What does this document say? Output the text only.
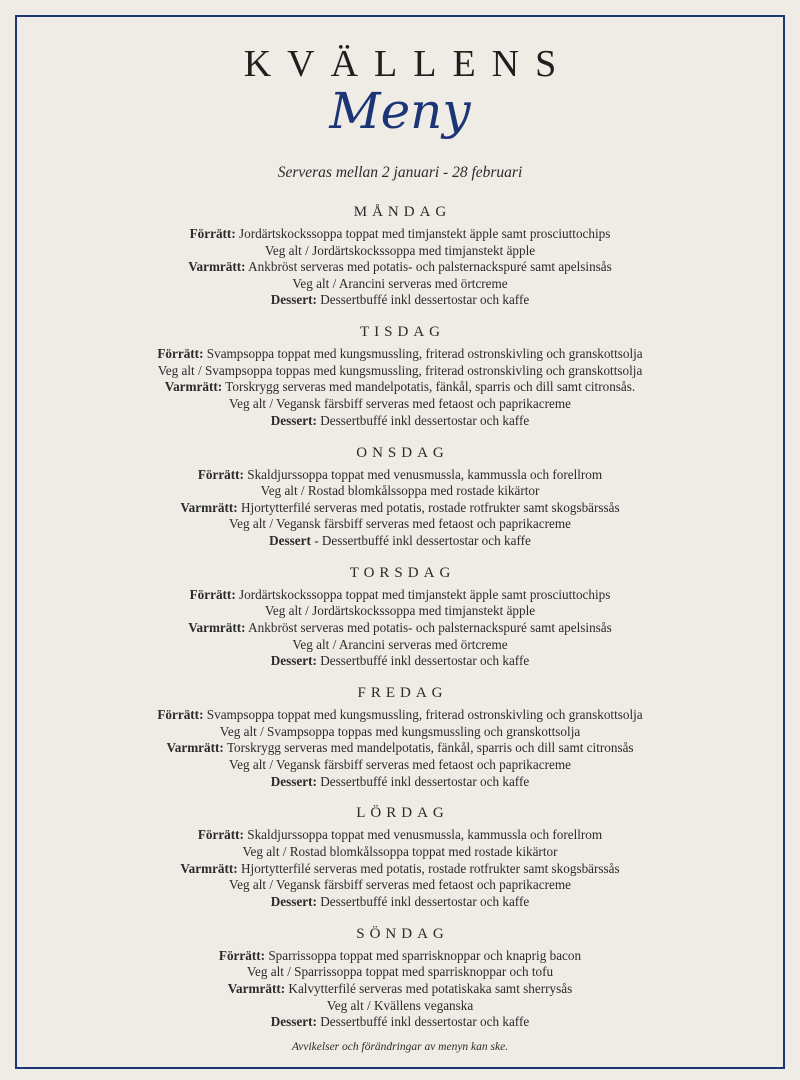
KVÄLLENS
Meny
Serveras mellan 2 januari - 28 februari
MÅNDAG
Förrätt: Jordärtskockssoppa toppat med timjanstekt äpple samt prosciuttochips
Veg alt / Jordärtskockssoppa med timjanstekt äpple
Varmrätt: Ankbröst serveras med potatis- och palsternackspuré samt apelsinsås
Veg alt / Arancini serveras med örtcreme
Dessert: Dessertbuffé inkl dessertostar och kaffe
TISDAG
Förrätt: Svampsoppa toppat med kungsmussling, friterad ostronskivling och granskottsolja
Veg alt / Svampsoppa toppas med kungsmussling, friterad ostronskivling och granskottsolja
Varmrätt: Torskrygg serveras med mandelpotatis, fänkål, sparris och dill samt citronsås.
Veg alt / Vegansk färsbiff serveras med fetaost och paprikacreme
Dessert: Dessertbuffé inkl dessertostar och kaffe
ONSDAG
Förrätt: Skaldjurssoppa toppat med venusmussla, kammussla och forellrom
Veg alt / Rostad blomkålssoppa med rostade kikärtor
Varmrätt: Hjortytterfilé serveras med potatis, rostade rotfrukter samt skogsbärssås
Veg alt / Vegansk färsbiff serveras med fetaost och paprikacreme
Dessert - Dessertbuffé inkl dessertostar och kaffe
TORSDAG
Förrätt: Jordärtskockssoppa toppat med timjanstekt äpple samt prosciuttochips
Veg alt / Jordärtskockssoppa med timjanstekt äpple
Varmrätt: Ankbröst serveras med potatis- och palsternackspuré samt apelsinsås
Veg alt / Arancini serveras med örtcreme
Dessert: Dessertbuffé inkl dessertostar och kaffe
FREDAG
Förrätt: Svampsoppa toppat med kungsmussling, friterad ostronskivling och granskottsolja
Veg alt / Svampsoppa toppas med kungsmussling och granskottsolja
Varmrätt: Torskrygg serveras med mandelpotatis, fänkål, sparris och dill samt citronsås
Veg alt / Vegansk färsbiff serveras med fetaost och paprikacreme
Dessert: Dessertbuffé inkl dessertostar och kaffe
LÖRDAG
Förrätt: Skaldjurssoppa toppat med venusmussla, kammussla och forellrom
Veg alt / Rostad blomkålssoppa toppat med rostade kikärtor
Varmrätt: Hjortytterfilé serveras med potatis, rostade rotfrukter samt skogsbärssås
Veg alt / Vegansk färsbiff serveras med fetaost och paprikacreme
Dessert: Dessertbuffé inkl dessertostar och kaffe
SÖNDAG
Förrätt: Sparrissoppa toppat med sparrisknoppar och knaprig bacon
Veg alt / Sparrissoppa toppat med sparrisknoppar och tofu
Varmrätt: Kalvytterfilé serveras med potatiskaka samt sherrysås
Veg alt / Kvällens veganska
Dessert: Dessertbuffé inkl dessertostar och kaffe
Avvikelser och förändringar av menyn kan ske.
